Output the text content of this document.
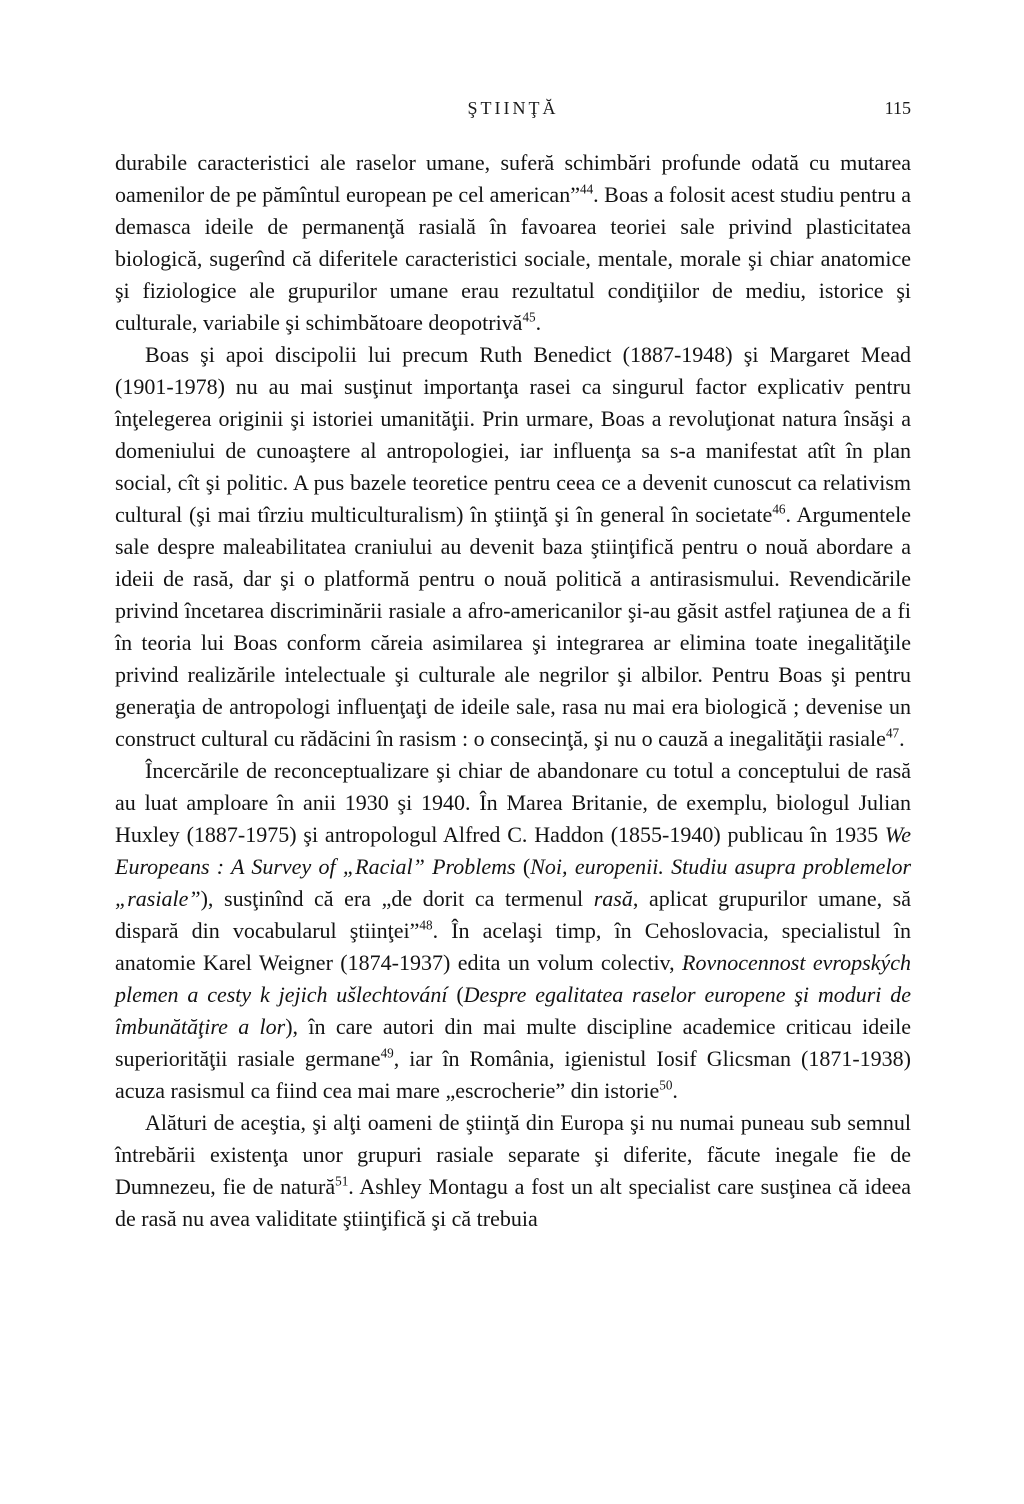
ŞTIINŢĂ	115

durabile caracteristici ale raselor umane, suferă schimbări profunde odată cu mutarea oamenilor de pe pămîntul european pe cel american”$^{44}$. Boas a folosit acest studiu pentru a demasca ideile de permanenţă rasială în favoarea teoriei sale privind plasticitatea biologică, sugerînd că diferitele caracteristici sociale, mentale, morale şi chiar anatomice şi fiziologice ale grupurilor umane erau rezultatul condiţiilor de mediu, istorice şi culturale, variabile şi schimbătoare deopotrivă$^{45}$.

Boas şi apoi discipolii lui precum Ruth Benedict (1887-1948) şi Margaret Mead (1901-1978) nu au mai susţinut importanţa rasei ca singurul factor explicativ pentru înţelegerea originii şi istoriei umanităţii. Prin urmare, Boas a revoluţionat natura însăşi a domeniului de cunoaştere al antropologiei, iar influenţa sa s-a manifestat atît în plan social, cît şi politic. A pus bazele teoretice pentru ceea ce a devenit cunoscut ca relativism cultural (şi mai tîrziu multiculturalism) în ştiinţă şi în general în societate$^{46}$. Argumentele sale despre maleabilitatea craniului au devenit baza ştiinţifică pentru o nouă abordare a ideii de rasă, dar şi o platformă pentru o nouă politică a antirasismului. Revendicările privind încetarea discriminării rasiale a afro-americanilor şi-au găsit astfel raţiunea de a fi în teoria lui Boas conform căreia asimilarea şi integrarea ar elimina toate inegalităţile privind realizările intelectuale şi culturale ale negrilor şi albilor. Pentru Boas şi pentru generaţia de antropologi influenţaţi de ideile sale, rasa nu mai era biologică ; devenise un construct cultural cu rădăcini în rasism : o consecinţă, şi nu o cauză a inegalităţii rasiale$^{47}$.

Încercările de reconceptualizare şi chiar de abandonare cu totul a conceptului de rasă au luat amploare în anii 1930 şi 1940. În Marea Britanie, de exemplu, biologul Julian Huxley (1887-1975) şi antropologul Alfred C. Haddon (1855-1940) publicau în 1935 We Europeans : A Survey of „Racial” Problems (Noi, europenii. Studiu asupra problemelor „rasiale”), susţinînd că era „de dorit ca termenul rasă, aplicat grupurilor umane, să dispară din vocabularul ştiinţei”$^{48}$. În acelaşi timp, în Cehoslovacia, specialistul în anatomie Karel Weigner (1874-1937) edita un volum colectiv, Rovnocennost evropských plemen a cesty k jejich ušlechtování (Despre egalitatea raselor europene şi moduri de îmbunătăţire a lor), în care autori din mai multe discipline academice criticau ideile superiorităţii rasiale germane$^{49}$, iar în România, igienistul Iosif Glicsman (1871-1938) acuza rasismul ca fiind cea mai mare „escrocherie” din istorie$^{50}$.

Alături de aceştia, şi alţi oameni de ştiinţă din Europa şi nu numai puneau sub semnul întrebării existenţa unor grupuri rasiale separate şi diferite, făcute inegale fie de Dumnezeu, fie de natură$^{51}$. Ashley Montagu a fost un alt specialist care susţinea că ideea de rasă nu avea validitate ştiinţifică şi că trebuia
